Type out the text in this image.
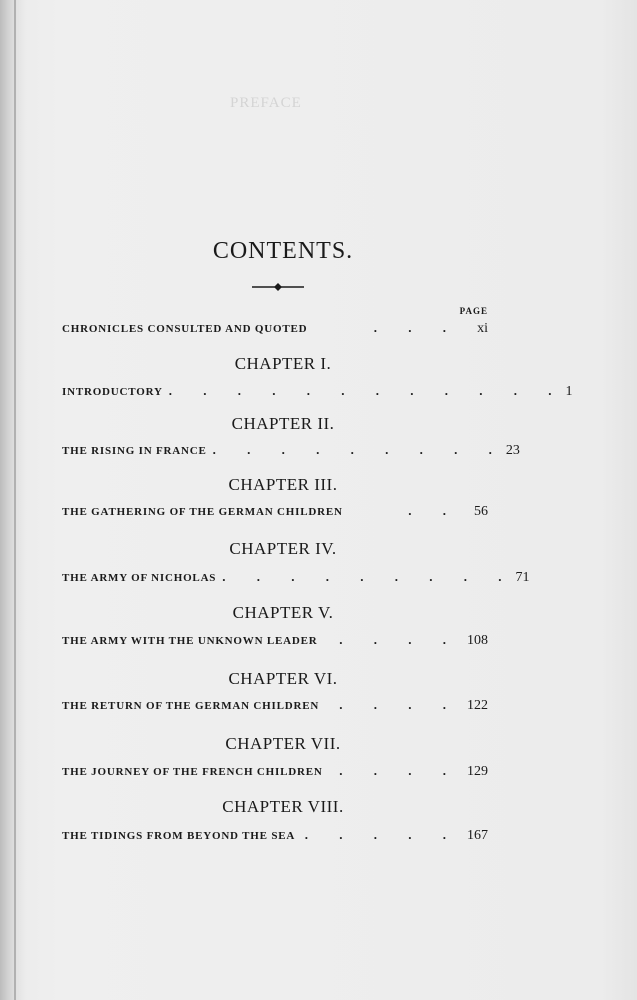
PREFACE
CONTENTS.
PAGE
CHRONICLES CONSULTED AND QUOTED	. . .	xi
CHAPTER I.
INTRODUCTORY . . . . . . . . . . . . 1
CHAPTER II.
THE RISING IN FRANCE . . . . . . . . . 23
CHAPTER III.
THE GATHERING OF THE GERMAN CHILDREN	. .	56
CHAPTER IV.
THE ARMY OF NICHOLAS . . . . . . . . . 71
CHAPTER V.
THE ARMY WITH THE UNKNOWN LEADER	. . . . 108
CHAPTER VI.
THE RETURN OF THE GERMAN CHILDREN	. . . . 122
CHAPTER VII.
THE JOURNEY OF THE FRENCH CHILDREN	. . . . 129
CHAPTER VIII.
THE TIDINGS FROM BEYOND THE SEA . . . . . 167
